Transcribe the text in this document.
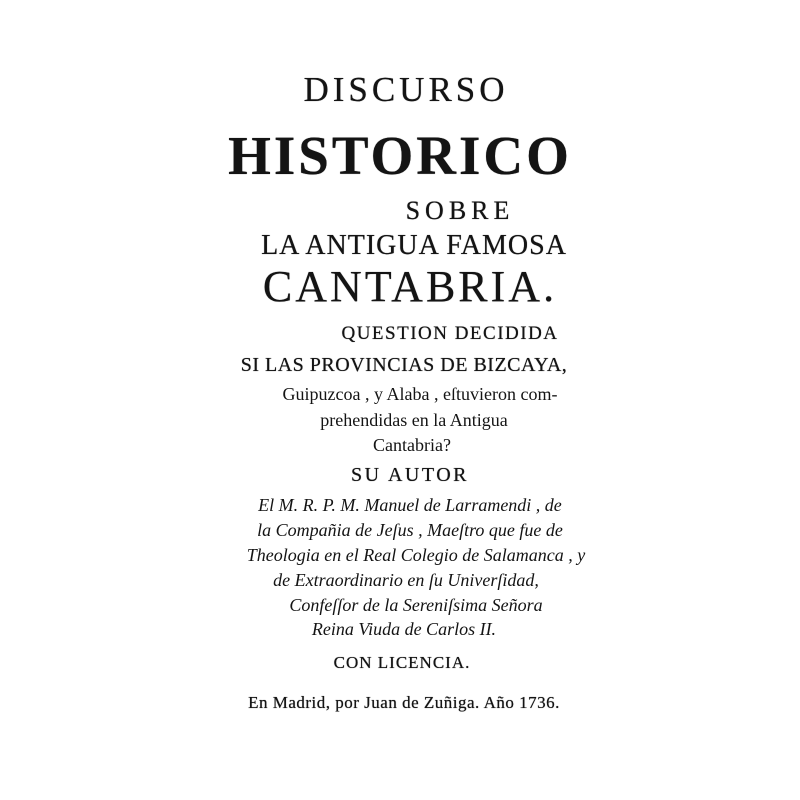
DISCURSO
HISTORICO
SOBRE
LA ANTIGUA FAMOSA
CANTABRIA.
QUESTION DECIDIDA
SI LAS PROVINCIAS DE BIZCAYA,
Guipuzcoa , y Alaba , eſtuvieron com-
prehendidas en la Antigua
Cantabria?
SU AUTOR
El M. R. P. M. Manuel de Larramendi , de
la Compañia de Jeſus , Maeſtro que fue de
Theologia en el Real Colegio de Salamanca , y
de Extraordinario en ſu Univerſidad,
Confeſſor de la Sereniſsima Señora
Reina Viuda de Carlos II.
CON LICENCIA.
En Madrid, por Juan de Zuñiga. Año 1736.
